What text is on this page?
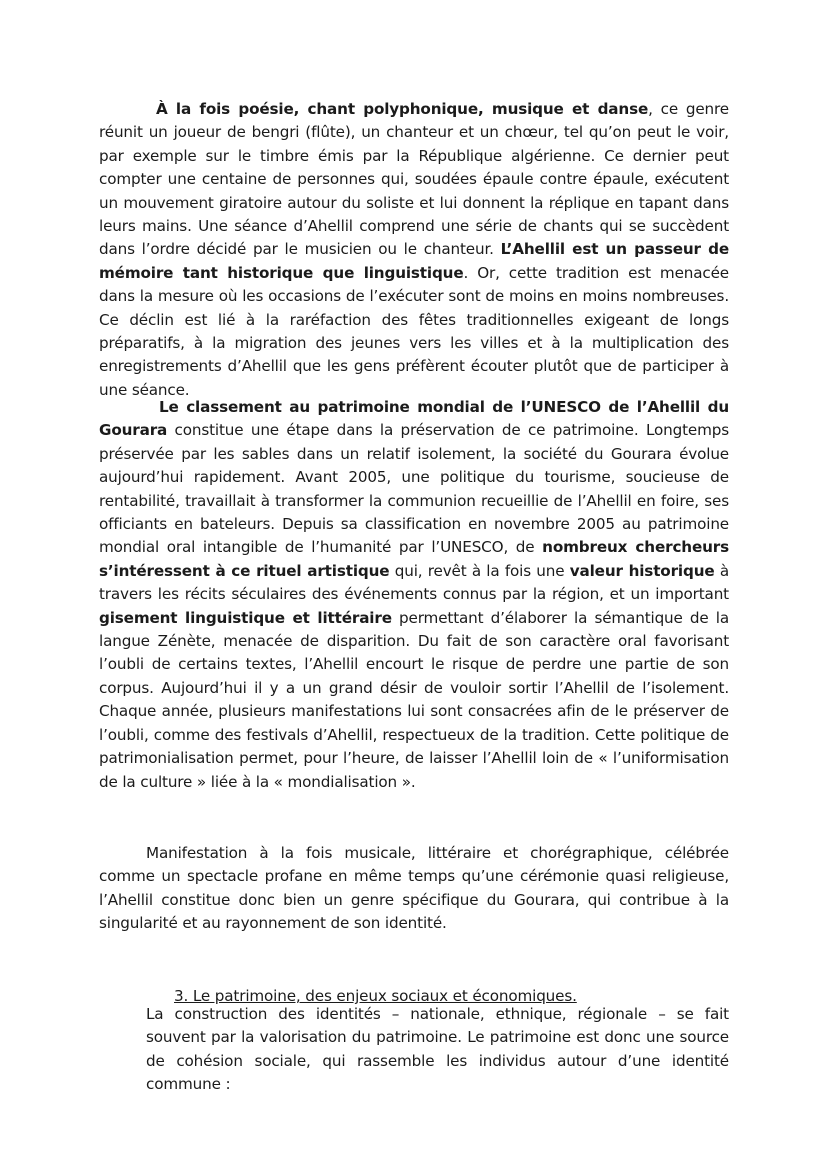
À la fois poésie, chant polyphonique, musique et danse, ce genre réunit un joueur de bengri (flûte), un chanteur et un chœur, tel qu’on peut le voir, par exemple sur le timbre émis par la République algérienne. Ce dernier peut compter une centaine de personnes qui, soudées épaule contre épaule, exécutent un mouvement giratoire autour du soliste et lui donnent la réplique en tapant dans leurs mains. Une séance d’Ahellil comprend une série de chants qui se succèdent dans l’ordre décidé par le musicien ou le chanteur. L’Ahellil est un passeur de mémoire tant historique que linguistique. Or, cette tradition est menacée dans la mesure où les occasions de l’exécuter sont de moins en moins nombreuses. Ce déclin est lié à la raréfaction des fêtes traditionnelles exigeant de longs préparatifs, à la migration des jeunes vers les villes et à la multiplication des enregistrements d’Ahellil que les gens préfèrent écouter plutôt que de participer à une séance.

Le classement au patrimoine mondial de l’UNESCO de l’Ahellil du Gourara constitue une étape dans la préservation de ce patrimoine. Longtemps préservée par les sables dans un relatif isolement, la société du Gourara évolue aujourd’hui rapidement. Avant 2005, une politique du tourisme, soucieuse de rentabilité, travaillait à transformer la communion recueillie de l’Ahellil en foire, ses officiants en bateleurs. Depuis sa classification en novembre 2005 au patrimoine mondial oral intangible de l’humanité par l’UNESCO, de nombreux chercheurs s’intéressent à ce rituel artistique qui, revêt à la fois une valeur historique à travers les récits séculaires des événements connus par la région, et un important gisement linguistique et littéraire permettant d’élaborer la sémantique de la langue Zénète, menacée de disparition. Du fait de son caractère oral favorisant l’oubli de certains textes, l’Ahellil encourt le risque de perdre une partie de son corpus. Aujourd’hui il y a un grand désir de vouloir sortir l’Ahellil de l’isolement. Chaque année, plusieurs manifestations lui sont consacrées afin de le préserver de l’oubli, comme des festivals d’Ahellil, respectueux de la tradition. Cette politique de patrimonialisation permet, pour l’heure, de laisser l’Ahellil loin de « l’uniformisation de la culture » liée à la « mondialisation ».

Manifestation à la fois musicale, littéraire et chorégraphique, célébrée comme un spectacle profane en même temps qu’une cérémonie quasi religieuse, l’Ahellil constitue donc bien un genre spécifique du Gourara, qui contribue à la singularité et au rayonnement de son identité.

3. Le patrimoine, des enjeux sociaux et économiques.

La construction des identités – nationale, ethnique, régionale – se fait souvent par la valorisation du patrimoine. Le patrimoine est donc une source de cohésion sociale, qui rassemble les individus autour d’une identité commune :
